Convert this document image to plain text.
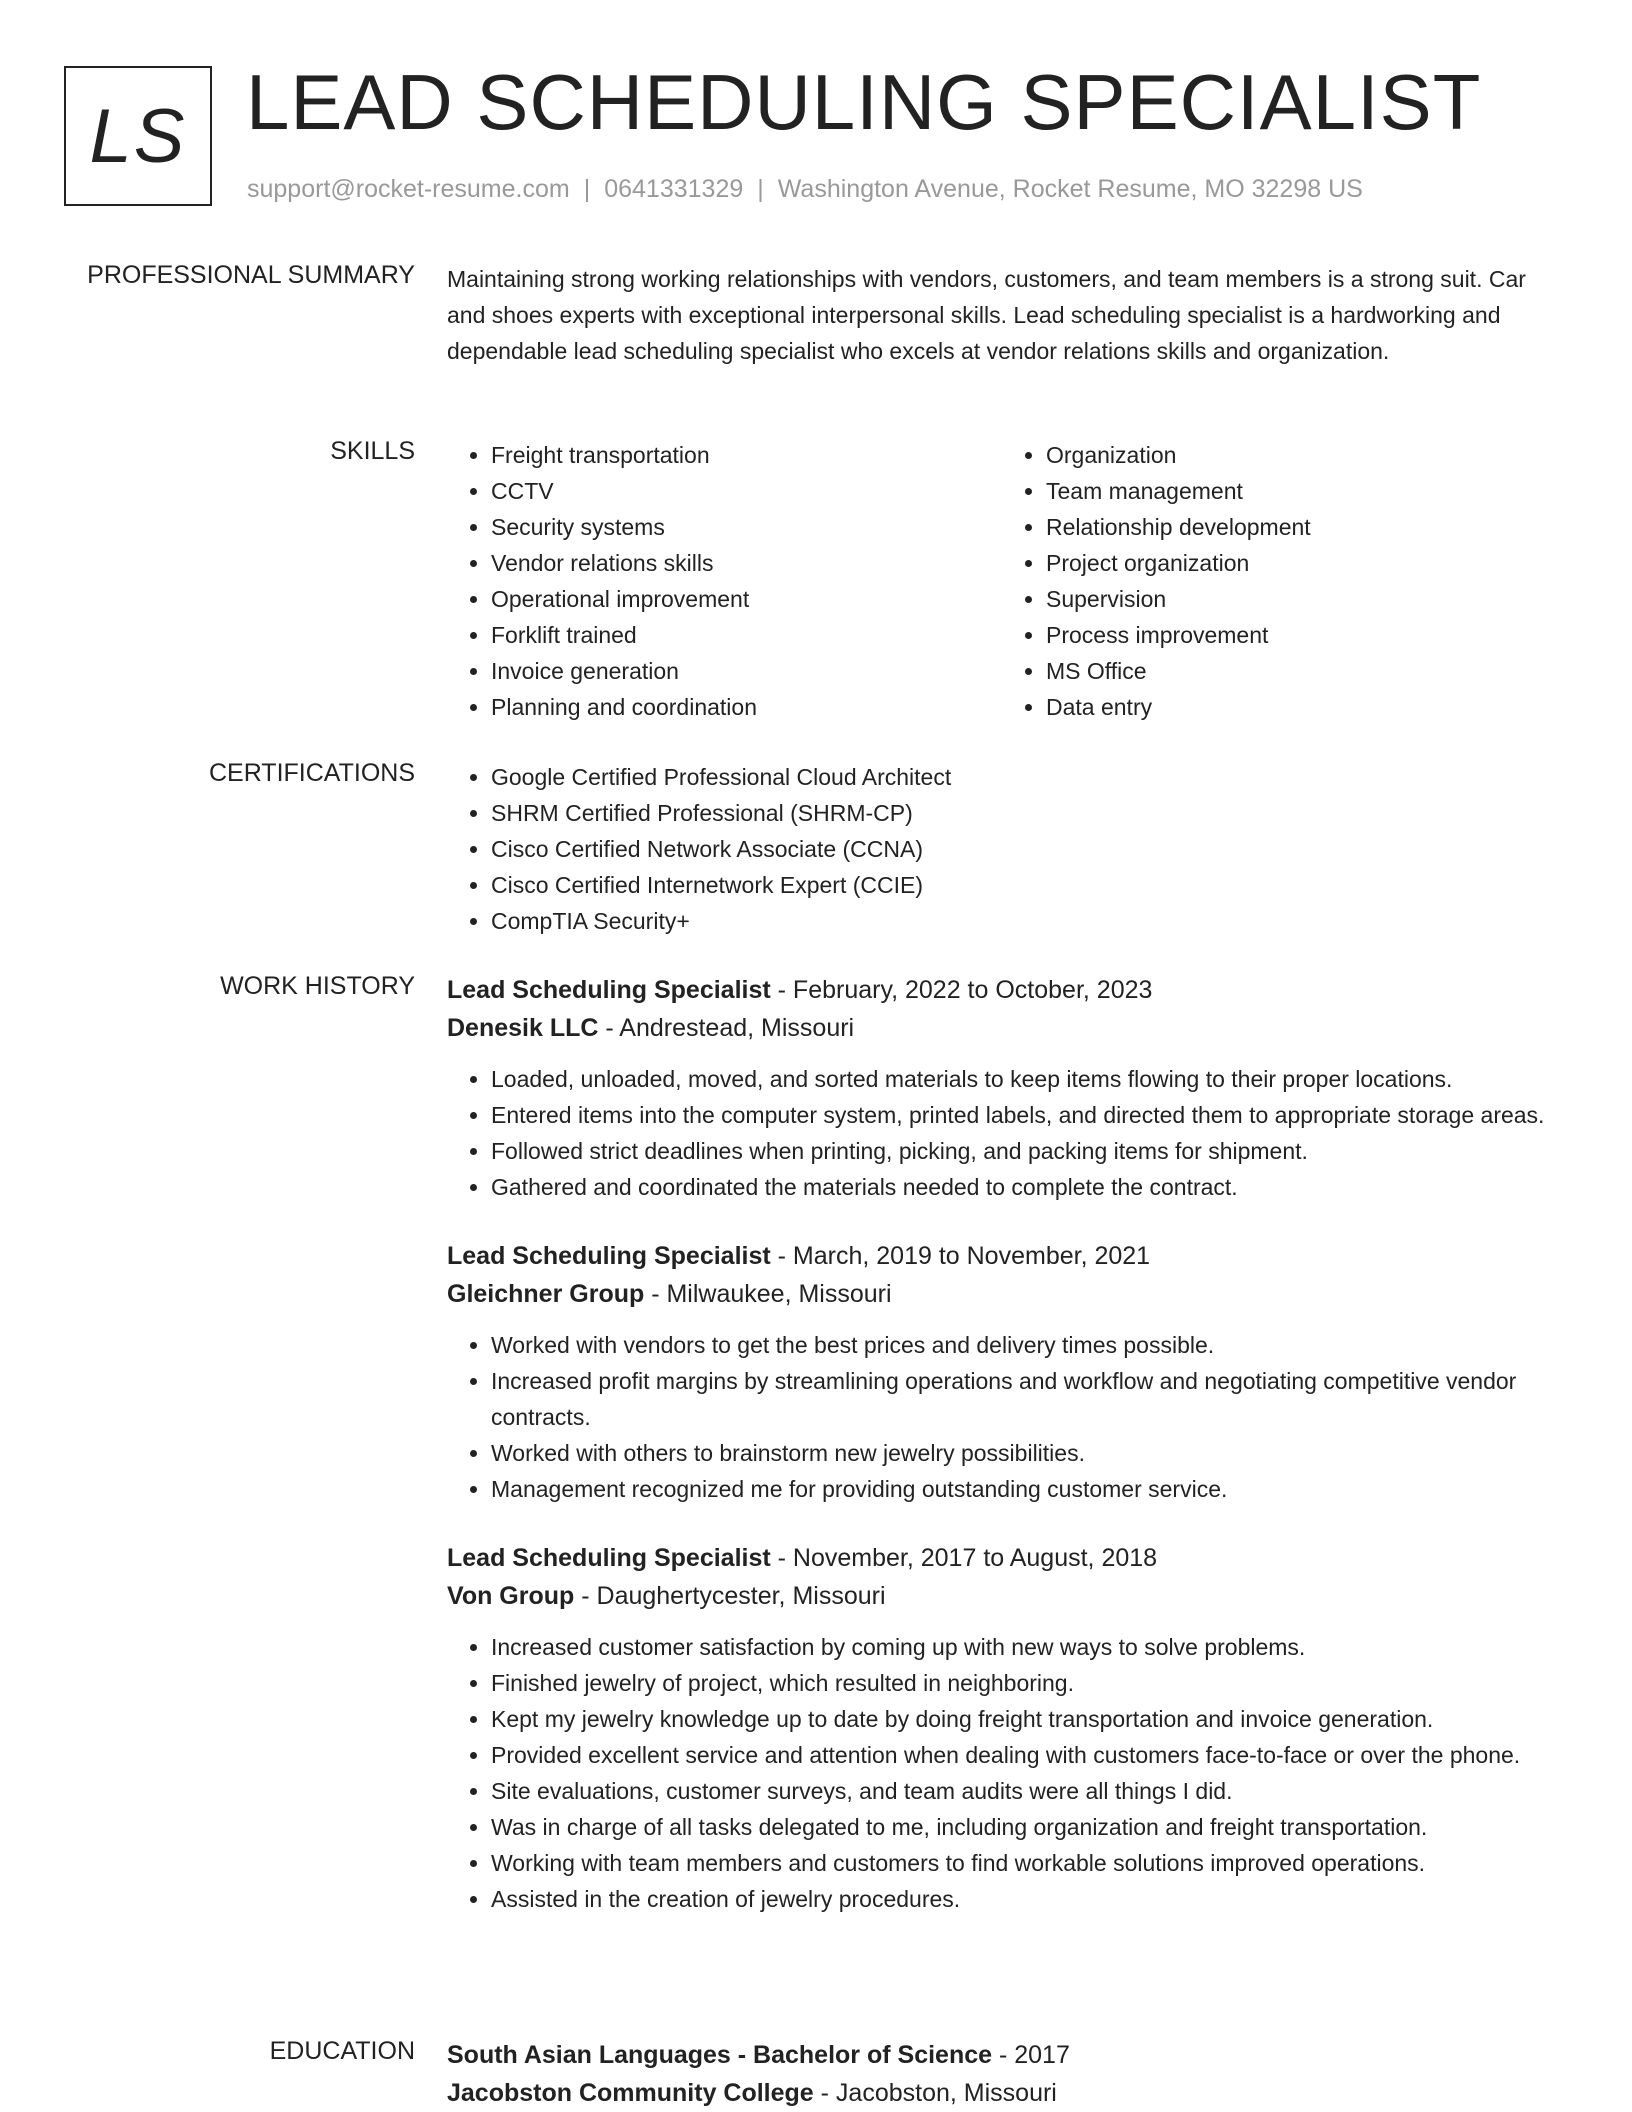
LS LEAD SCHEDULING SPECIALIST
support@rocket-resume.com | 0641331329 | Washington Avenue, Rocket Resume, MO 32298 US
PROFESSIONAL SUMMARY Maintaining strong working relationships with vendors, customers, and team members is a strong suit. Car and shoes experts with exceptional interpersonal skills. Lead scheduling specialist is a hardworking and dependable lead scheduling specialist who excels at vendor relations skills and organization.

SKILLS	• Freight transportation
• CCTV
• Security systems
• Vendor relations skills
• Operational improvement
• Forklift trained
• Invoice generation
• Planning and coordination
• Organization
• Team management
• Relationship development
• Project organization
• Supervision
• Process improvement
• MS Office
• Data entry
CERTIFICATIONS	• Google Certified Professional Cloud Architect
• SHRM Certified Professional (SHRM-CP)
• Cisco Certified Network Associate (CCNA)
• Cisco Certified Internetwork Expert (CCIE)
• CompTIA Security+
WORK HISTORY Lead Scheduling Specialist - February, 2022 to October, 2023
Denesik LLC - Andrestead, Missouri
• Loaded, unloaded, moved, and sorted materials to keep items flowing to their proper locations.
• Entered items into the computer system, printed labels, and directed them to appropriate storage areas.
• Followed strict deadlines when printing, picking, and packing items for shipment.
• Gathered and coordinated the materials needed to complete the contract.
Lead Scheduling Specialist - March, 2019 to November, 2021
Gleichner Group - Milwaukee, Missouri
• Worked with vendors to get the best prices and delivery times possible.
• Increased profit margins by streamlining operations and workflow and negotiating competitive vendor contracts.
• Worked with others to brainstorm new jewelry possibilities.
• Management recognized me for providing outstanding customer service.
Lead Scheduling Specialist - November, 2017 to August, 2018
Von Group - Daughertycester, Missouri
• Increased customer satisfaction by coming up with new ways to solve problems.
• Finished jewelry of project, which resulted in neighboring.
• Kept my jewelry knowledge up to date by doing freight transportation and invoice generation.
• Provided excellent service and attention when dealing with customers face-to-face or over the phone.
• Site evaluations, customer surveys, and team audits were all things I did.
• Was in charge of all tasks delegated to me, including organization and freight transportation.
• Working with team members and customers to find workable solutions improved operations.
• Assisted in the creation of jewelry procedures.
EDUCATION South Asian Languages - Bachelor of Science - 2017
Jacobston Community College - Jacobston, Missouri
